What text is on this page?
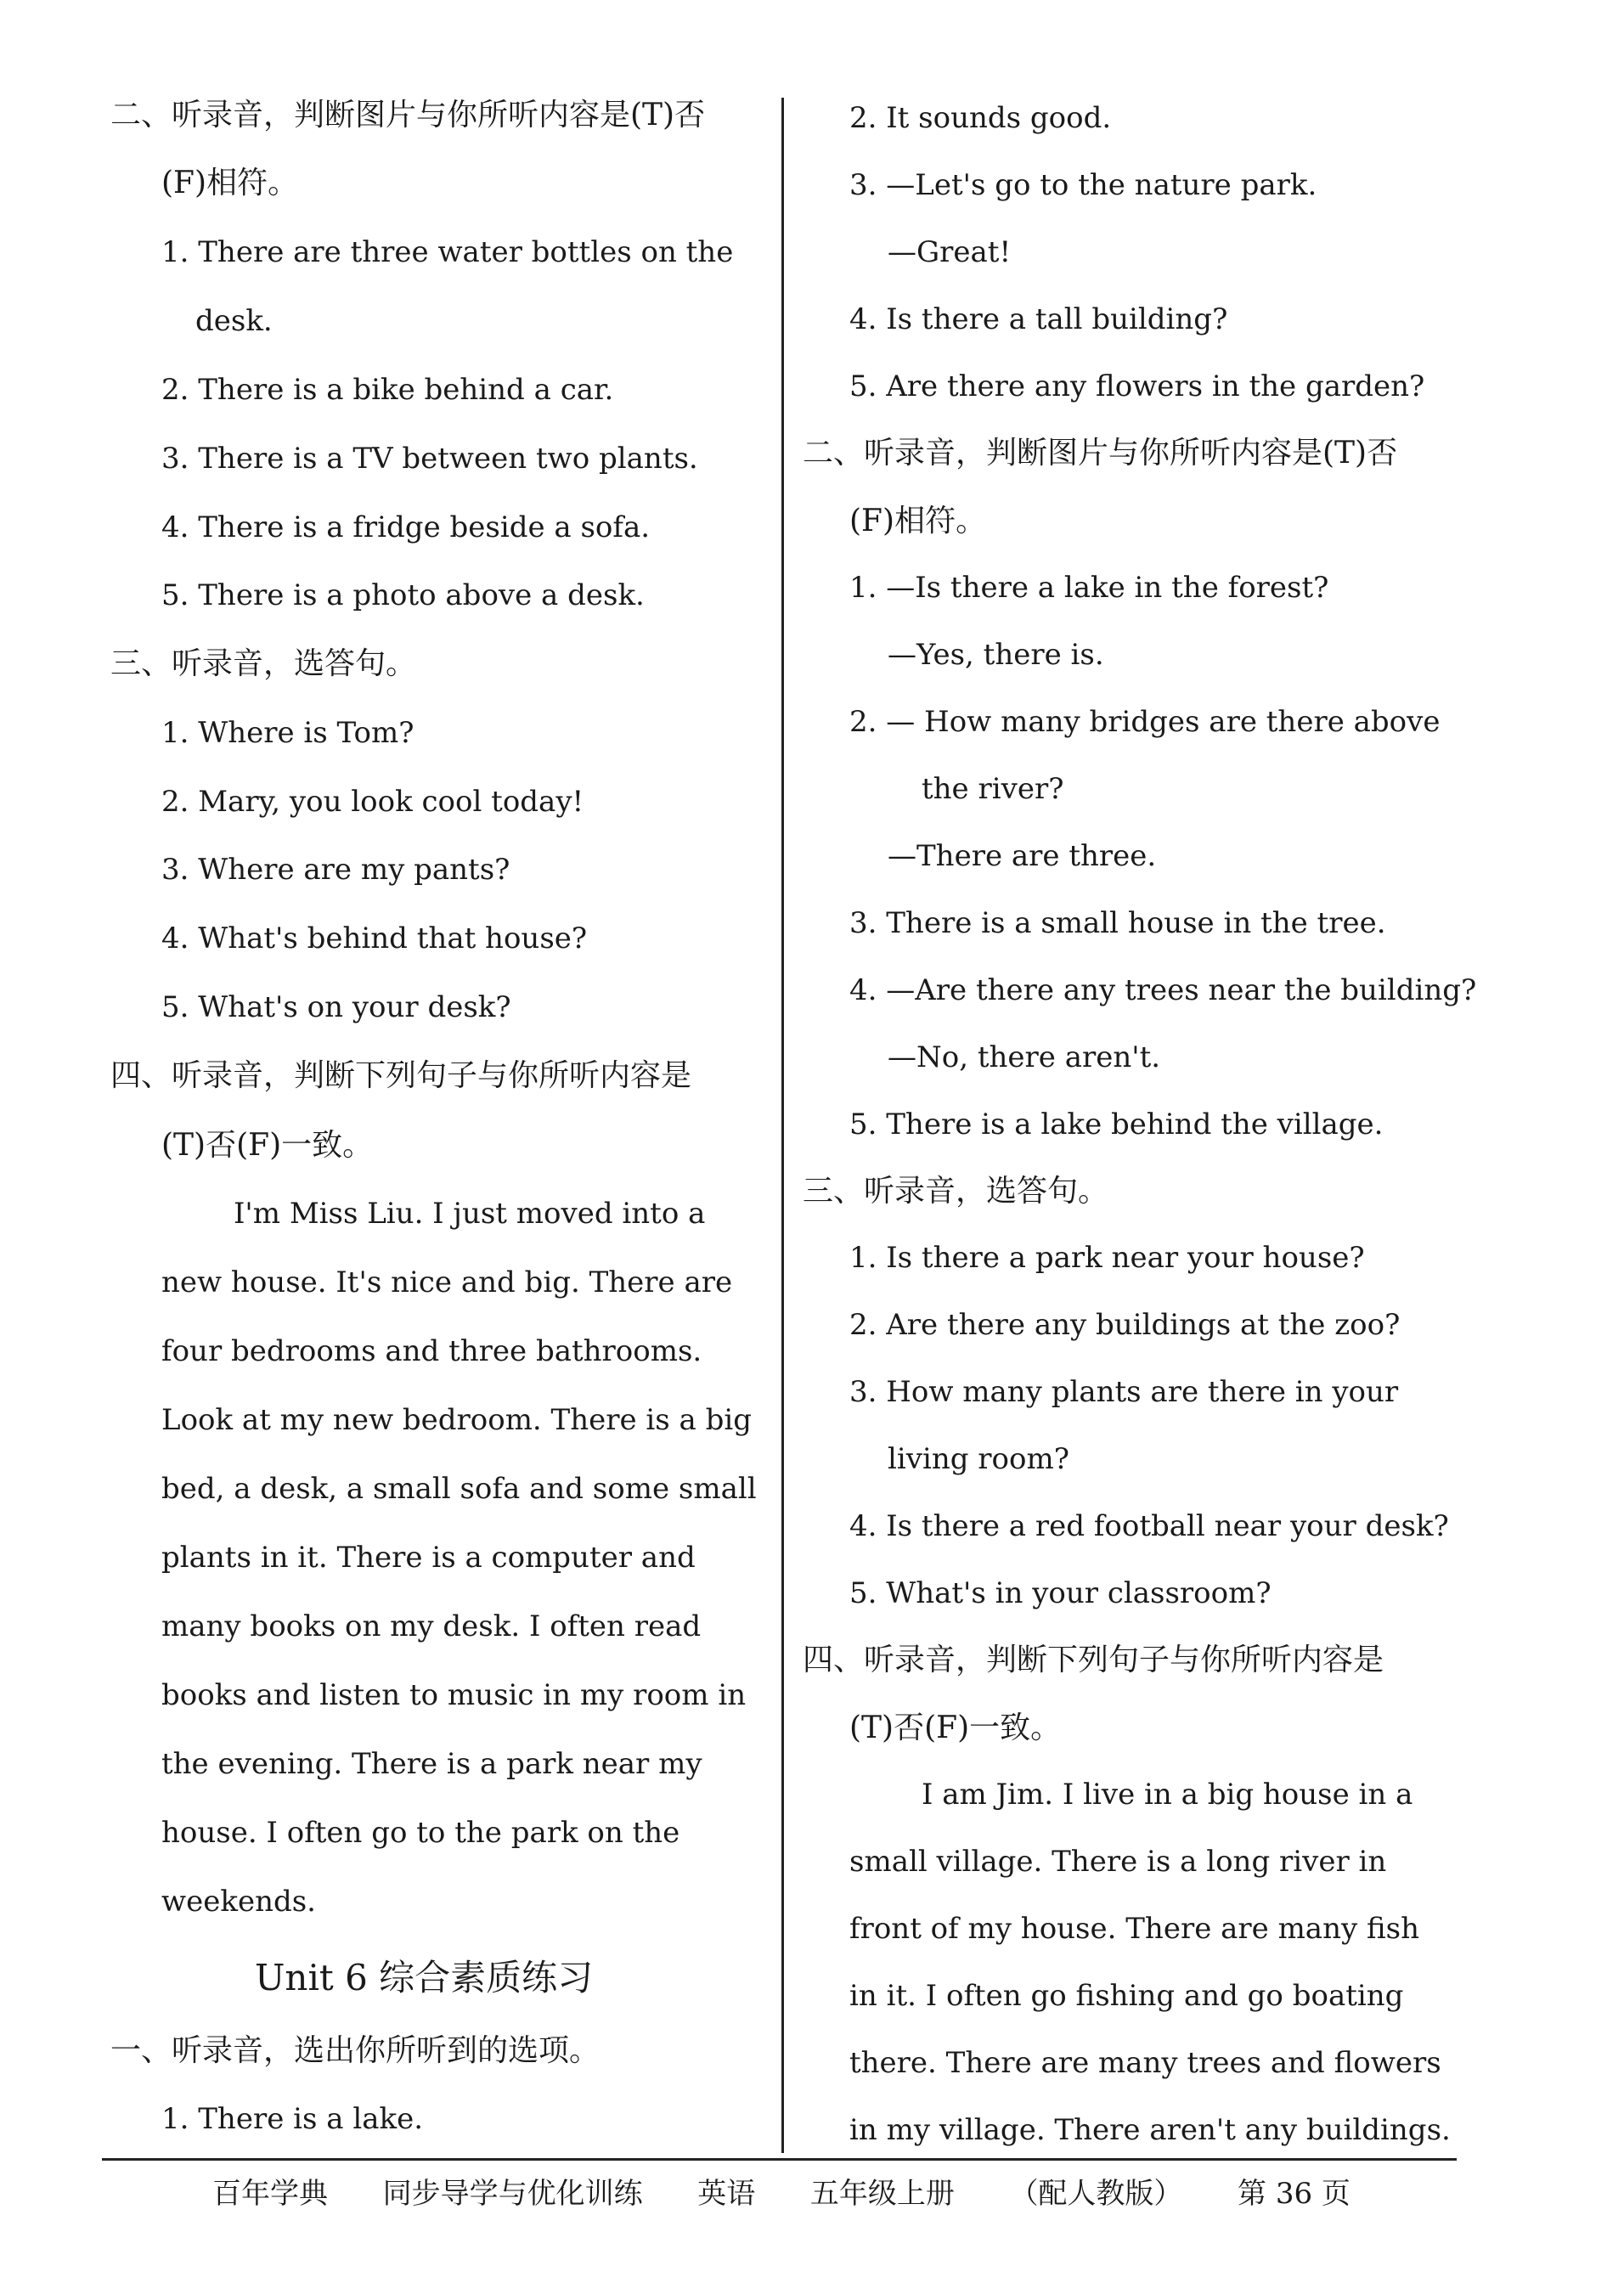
二、听录音，判断图片与你所听内容是(T)否
(F)相符。
1. There are three water bottles on the
desk.
2. There is a bike behind a car.
3. There is a TV between two plants.
4. There is a fridge beside a sofa.
5. There is a photo above a desk.
三、听录音，选答句。
1. Where is Tom?
2. Mary, you look cool today!
3. Where are my pants?
4. What's behind that house?
5. What's on your desk?
四、听录音，判断下列句子与你所听内容是
(T)否(F)一致。
I'm Miss Liu. I just moved into a
new house. It's nice and big. There are
four bedrooms and three bathrooms.
Look at my new bedroom. There is a big
bed, a desk, a small sofa and some small
plants in it. There is a computer and
many books on my desk. I often read
books and listen to music in my room in
the evening. There is a park near my
house. I often go to the park on the
weekends.
Unit 6 综合素质练习
一、听录音，选出你所听到的选项。
1. There is a lake.
2. It sounds good.
3. —Let's go to the nature park.
—Great!
4. Is there a tall building?
5. Are there any flowers in the garden?
二、听录音，判断图片与你所听内容是(T)否
(F)相符。
1. —Is there a lake in the forest?
—Yes, there is.
2. — How many bridges are there above
the river?
—There are three.
3. There is a small house in the tree.
4. —Are there any trees near the building?
—No, there aren't.
5. There is a lake behind the village.
三、听录音，选答句。
1. Is there a park near your house?
2. Are there any buildings at the zoo?
3. How many plants are there in your
living room?
4. Is there a red football near your desk?
5. What's in your classroom?
四、听录音，判断下列句子与你所听内容是
(T)否(F)一致。
I am Jim. I live in a big house in a
small village. There is a long river in
front of my house. There are many fish
in it. I often go fishing and go boating
there. There are many trees and flowers
in my village. There aren't any buildings.
百年学典 同步导学与优化训练 英语 五年级上册 （配人教版） 第 36 页
